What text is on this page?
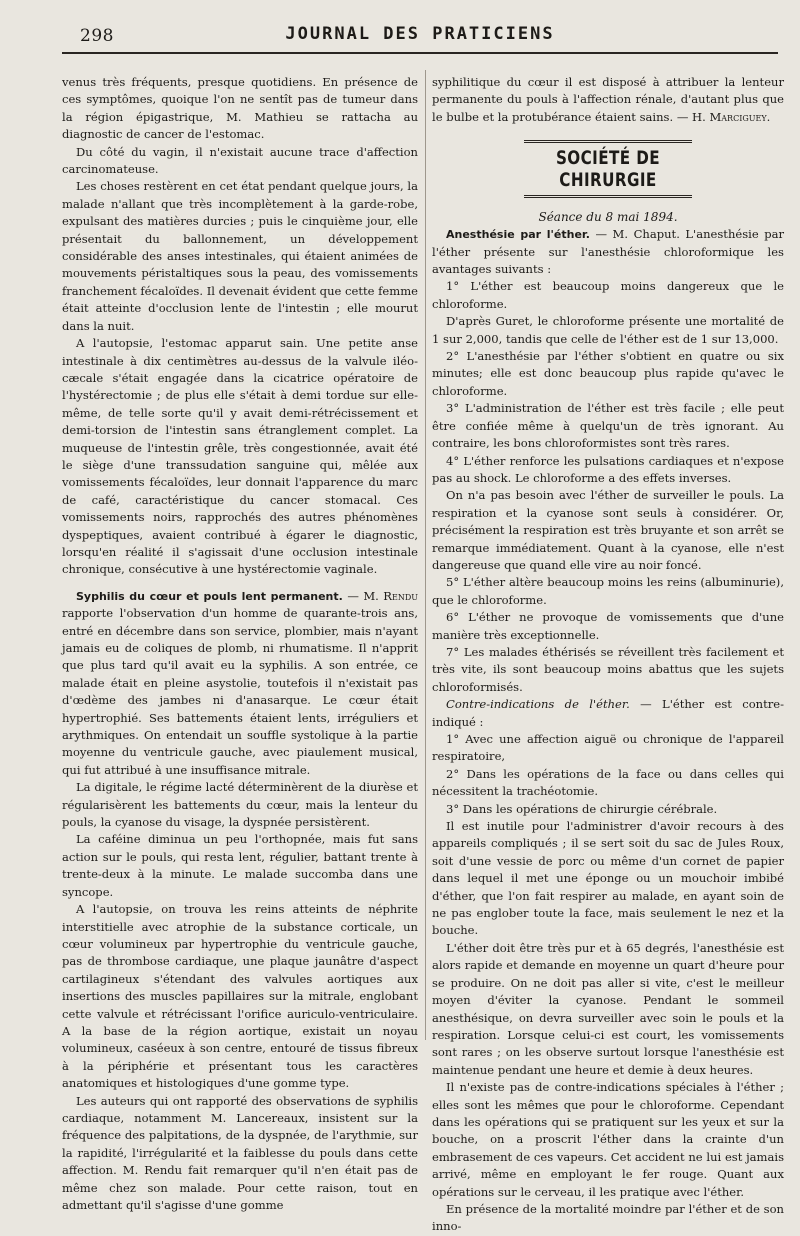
298	JOURNAL DES PRATICIENS

venus très fréquents, presque quotidiens. En présence de ces symptômes, quoique l'on ne sentît pas de tumeur dans la région épigastrique, M. Mathieu se rattacha au diagnostic de cancer de l'estomac.

Du côté du vagin, il n'existait aucune trace d'affection carcinomateuse.

Les choses restèrent en cet état pendant quelque jours, la malade n'allant que très incomplètement à la garde-robe, expulsant des matières durcies ; puis le cinquième jour, elle présentait du ballonnement, un développement considérable des anses intestinales, qui étaient animées de mouvements péristaltiques sous la peau, des vomissements franchement fécaloïdes. Il devenait évident que cette femme était atteinte d'occlusion lente de l'intestin ; elle mourut dans la nuit.

A l'autopsie, l'estomac apparut sain. Une petite anse intestinale à dix centimètres au-dessus de la valvule iléo-cæcale s'était engagée dans la cicatrice opératoire de l'hystérectomie ; de plus elle s'était à demi tordue sur elle-même, de telle sorte qu'il y avait demi-rétrécissement et demi-torsion de l'intestin sans étranglement complet. La muqueuse de l'intestin grêle, très congestionnée, avait été le siège d'une transsudation sanguine qui, mêlée aux vomissements fécaloïdes, leur donnait l'apparence du marc de café, caractéristique du cancer stomacal. Ces vomissements noirs, rapprochés des autres phénomènes dyspeptiques, avaient contribué à égarer le diagnostic, lorsqu'en réalité il s'agissait d'une occlusion intestinale chronique, consécutive à une hystérectomie vaginale.

Syphilis du cœur et pouls lent permanent. — M. Rendu rapporte l'observation d'un homme de quarante-trois ans, entré en décembre dans son service, plombier, mais n'ayant jamais eu de coliques de plomb, ni rhumatisme. Il n'apprit que plus tard qu'il avait eu la syphilis. A son entrée, ce malade était en pleine asystolie, toutefois il n'existait pas d'œdème des jambes ni d'anasarque. Le cœur était hypertrophié. Ses battements étaient lents, irréguliers et arythmiques. On entendait un souffle systolique à la partie moyenne du ventricule gauche, avec piaulement musical, qui fut attribué à une insuffisance mitrale.

La digitale, le régime lacté déterminèrent de la diurèse et régularisèrent les battements du cœur, mais la lenteur du pouls, la cyanose du visage, la dyspnée persistèrent.

La caféine diminua un peu l'orthopnée, mais fut sans action sur le pouls, qui resta lent, régulier, battant trente à trente-deux à la minute. Le malade succomba dans une syncope.

A l'autopsie, on trouva les reins atteints de néphrite interstitielle avec atrophie de la substance corticale, un cœur volumineux par hypertrophie du ventricule gauche, pas de thrombose cardiaque, une plaque jaunâtre d'aspect cartilagineux s'étendant des valvules aortiques aux insertions des muscles papillaires sur la mitrale, englobant cette valvule et rétrécissant l'orifice auriculo-ventriculaire. A la base de la région aortique, existait un noyau volumineux, caséeux à son centre, entouré de tissus fibreux à la périphérie et présentant tous les caractères anatomiques et histologiques d'une gomme type.

Les auteurs qui ont rapporté des observations de syphilis cardiaque, notamment M. Lancereaux, insistent sur la fréquence des palpitations, de la dyspnée, de l'arythmie, sur la rapidité, l'irrégularité et la faiblesse du pouls dans cette affection. M. Rendu fait remarquer qu'il n'en était pas de même chez son malade. Pour cette raison, tout en admettant qu'il s'agisse d'une gomme

syphilitique du cœur il est disposé à attribuer la lenteur permanente du pouls à l'affection rénale, d'autant plus que le bulbe et la protubérance étaient sains. — H. Marciguey.

SOCIÉTÉ DE CHIRURGIE
Séance du 8 mai 1894.

Anesthésie par l'éther. — M. Chaput. L'anesthésie par l'éther présente sur l'anesthésie chloroformique les avantages suivants :

1° L'éther est beaucoup moins dangereux que le chloroforme.

D'après Guret, le chloroforme présente une mortalité de 1 sur 2,000, tandis que celle de l'éther est de 1 sur 13,000.

2° L'anesthésie par l'éther s'obtient en quatre ou six minutes; elle est donc beaucoup plus rapide qu'avec le chloroforme.

3° L'administration de l'éther est très facile ; elle peut être confiée même à quelqu'un de très ignorant. Au contraire, les bons chloroformistes sont très rares.

4° L'éther renforce les pulsations cardiaques et n'expose pas au shock. Le chloroforme a des effets inverses.

On n'a pas besoin avec l'éther de surveiller le pouls. La respiration et la cyanose sont seuls à considérer. Or, précisément la respiration est très bruyante et son arrêt se remarque immédiatement. Quant à la cyanose, elle n'est dangereuse que quand elle vire au noir foncé.

5° L'éther altère beaucoup moins les reins (albuminurie), que le chloroforme.

6° L'éther ne provoque de vomissements que d'une manière très exceptionnelle.

7° Les malades éthérisés se réveillent très facilement et très vite, ils sont beaucoup moins abattus que les sujets chloroformisés.

Contre-indications de l'éther. — L'éther est contre-indiqué :

1° Avec une affection aiguë ou chronique de l'appareil respiratoire,

2° Dans les opérations de la face ou dans celles qui nécessitent la trachéotomie.

3° Dans les opérations de chirurgie cérébrale.

Il est inutile pour l'administrer d'avoir recours à des appareils compliqués ; il se sert soit du sac de Jules Roux, soit d'une vessie de porc ou même d'un cornet de papier dans lequel il met une éponge ou un mouchoir imbibé d'éther, que l'on fait respirer au malade, en ayant soin de ne pas englober toute la face, mais seulement le nez et la bouche.

L'éther doit être très pur et à 65 degrés, l'anesthésie est alors rapide et demande en moyenne un quart d'heure pour se produire. On ne doit pas aller si vite, c'est le meilleur moyen d'éviter la cyanose. Pendant le sommeil anesthésique, on devra surveiller avec soin le pouls et la respiration. Lorsque celui-ci est court, les vomissements sont rares ; on les observe surtout lorsque l'anesthésie est maintenue pendant une heure et demie à deux heures.

Il n'existe pas de contre-indications spéciales à l'éther ; elles sont les mêmes que pour le chloroforme. Cependant dans les opérations qui se pratiquent sur les yeux et sur la bouche, on a proscrit l'éther dans la crainte d'un embrasement de ces vapeurs. Cet accident ne lui est jamais arrivé, même en employant le fer rouge. Quant aux opérations sur le cerveau, il les pratique avec l'éther.

En présence de la mortalité moindre par l'éther et de son inno-
